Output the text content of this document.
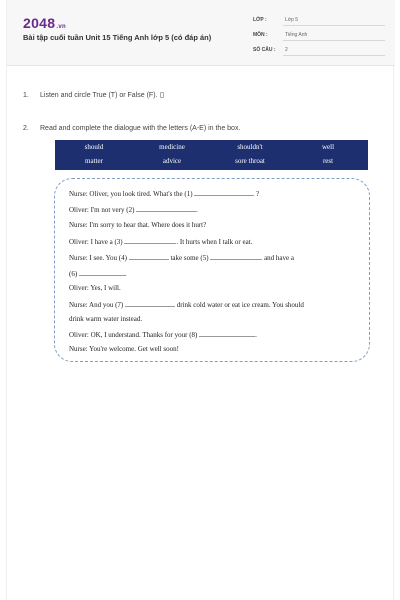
2048.vn
Bài tập cuối tuần Unit 15 Tiếng Anh lớp 5 (có đáp án)
LỚP :	Lớp 5
MÔN :	Tiếng Anh
SỐ CÂU : 2
1. Listen and circle True (T) or False (F).
2. Read and complete the dialogue with the letters (A-E) in the box.
should	medicine	shouldn't	well
matter	advice	sore throat	rest
Nurse: Oliver, you look tired. What's the (1)	?
Oliver: I'm not very (2)	.
Nurse: I'm sorry to hear that. Where does it hurt?
Oliver: I have a (3)	. It hurts when I talk or eat.
Nurse: I see. You (4)	take some (5)	and have a
(6)	.
Oliver: Yes, I will.
Nurse: And you (7)	drink cold water or eat ice cream. You should
drink warm water instead.
Oliver: OK, I understand. Thanks for your (8)	.
Nurse: You're welcome. Get well soon!
